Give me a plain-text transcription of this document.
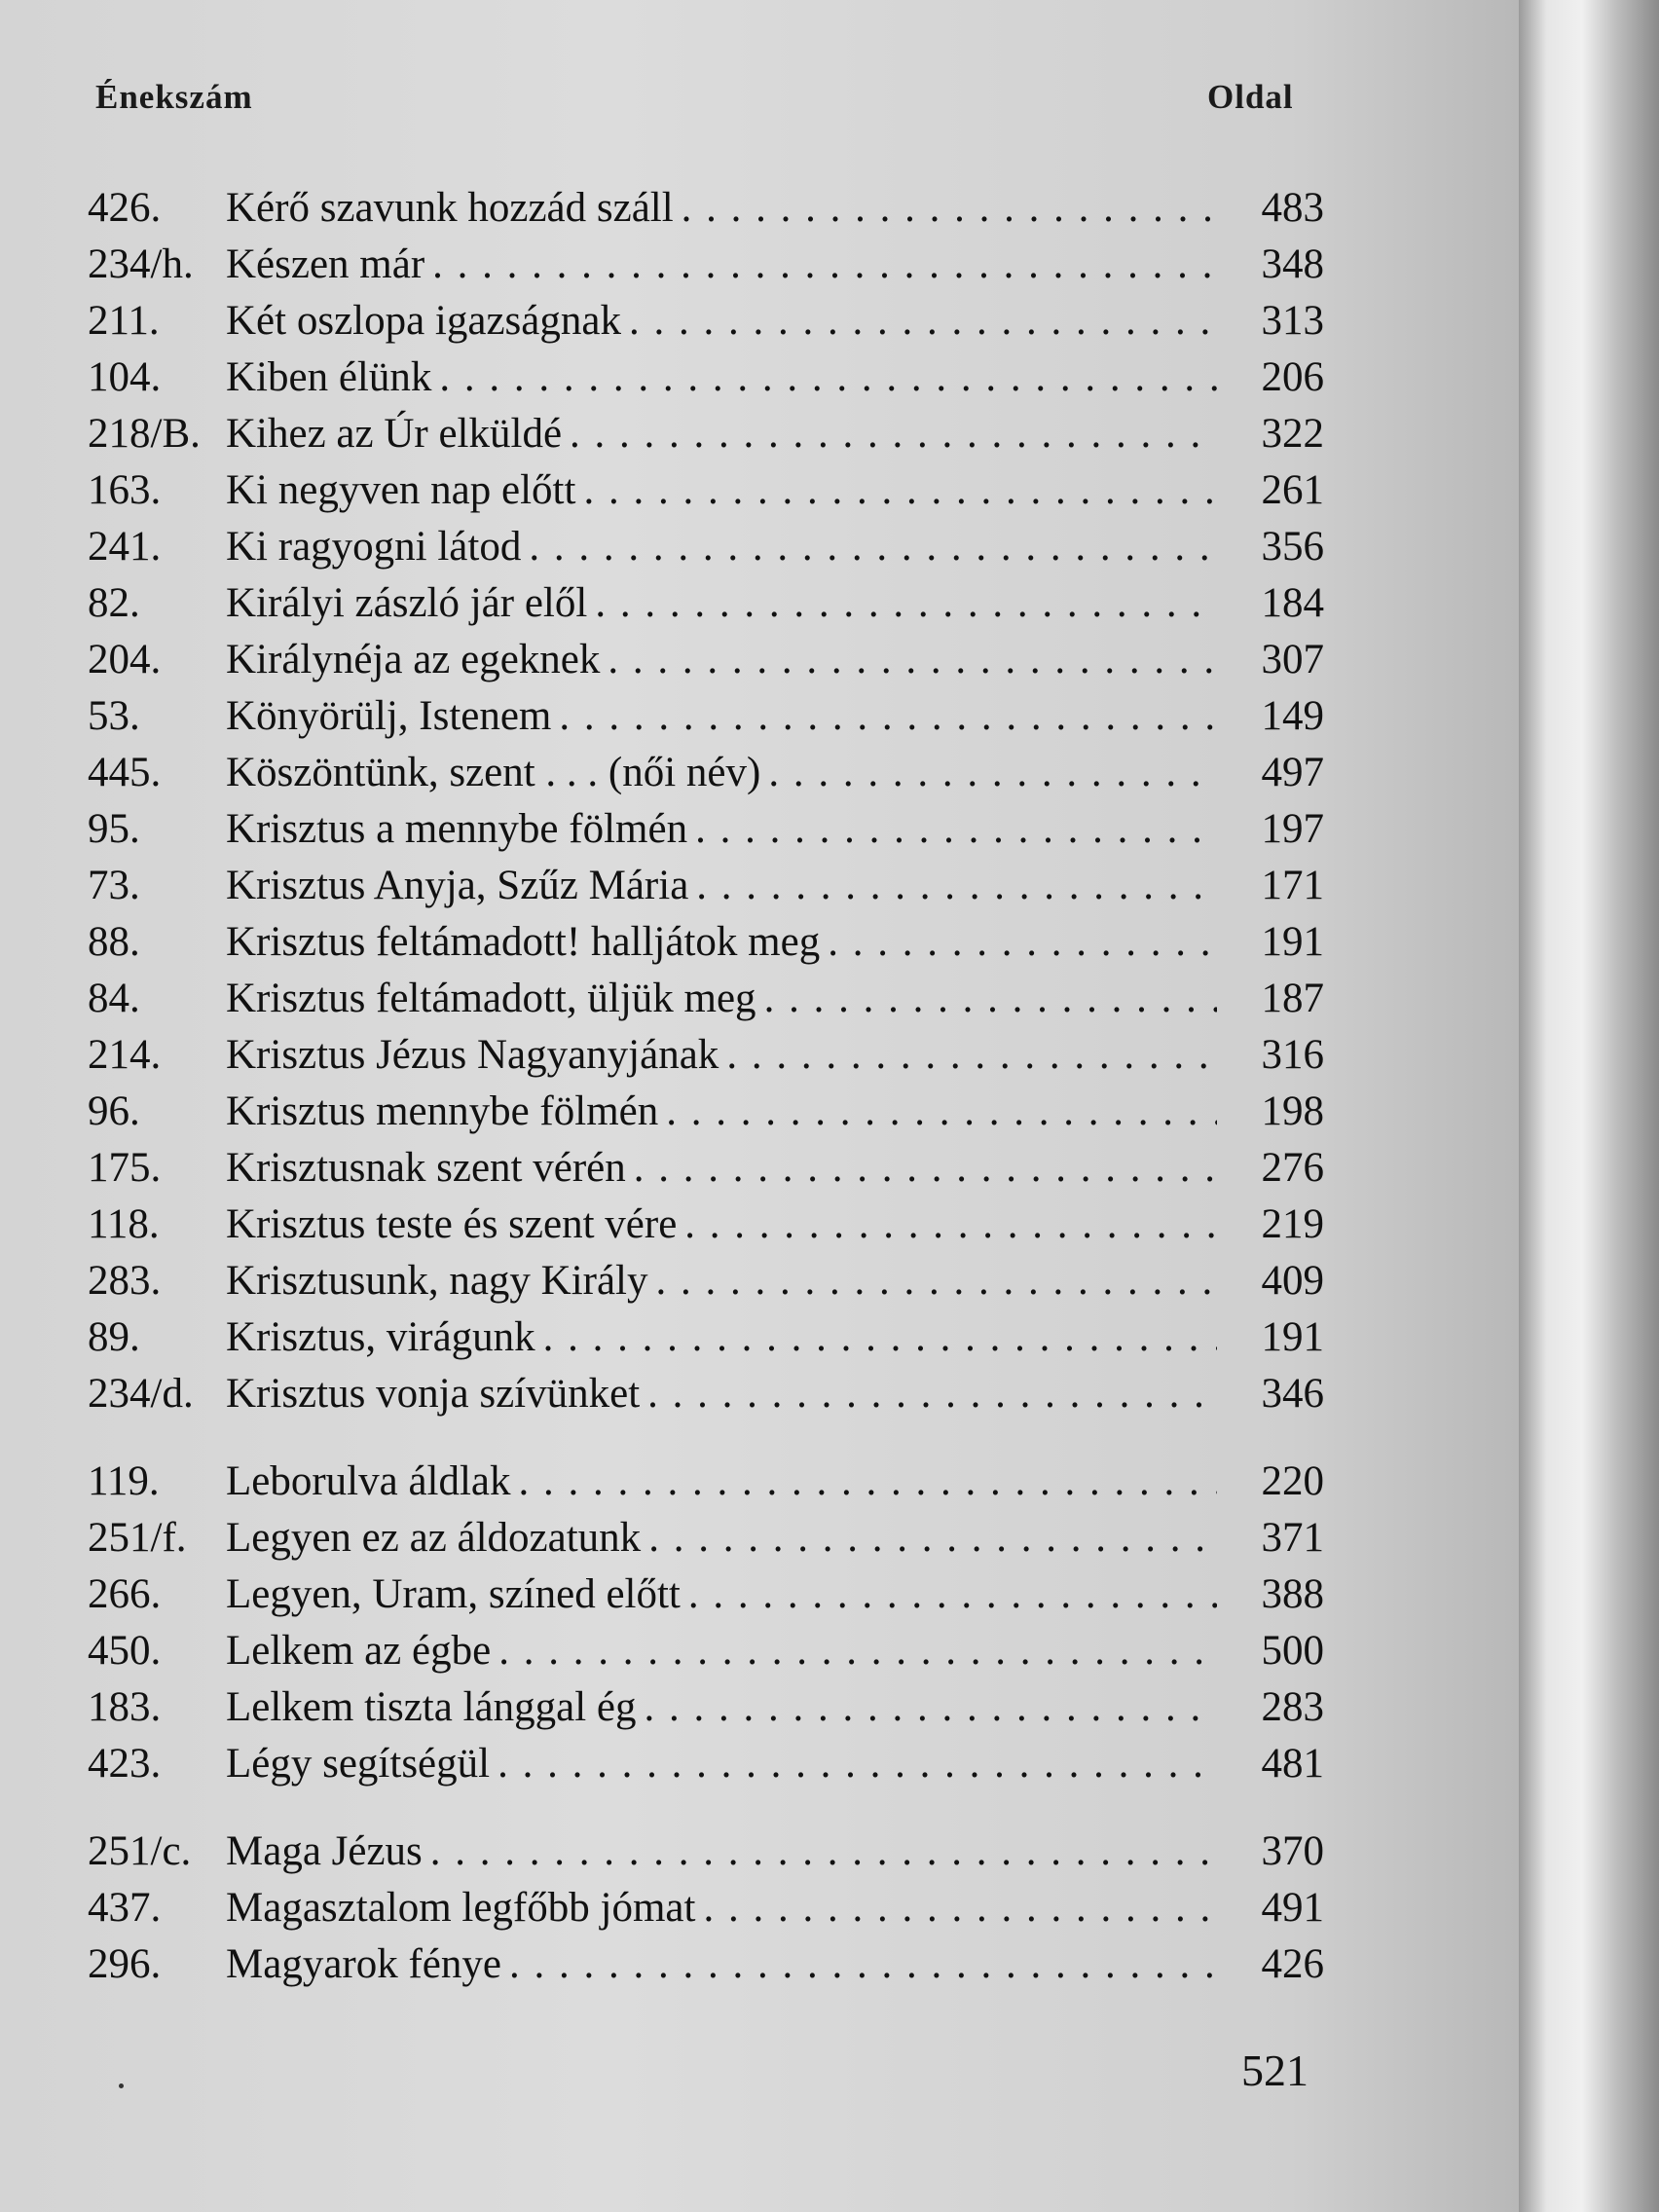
Énekszám	Oldal
426.	Kérő szavunk hozzád száll . . .	483
234/h. Készen már . . .	348
211.	Két oszlopa igazságnak . . .	313
104.	Kiben élünk . . .	206
218/B. Kihez az Úr elküldé . . .	322
163.	Ki negyven nap előtt . . .	261
241.	Ki ragyogni látod . . .	356
82.	Királyi zászló jár elől . . .	184
204.	Királynéja az egeknek . . .	307
53.	Könyörülj, Istenem . . .	149
445.	Köszöntünk, szent . . . (női név) . . .	497
95.	Krisztus a mennybe fölmén . . .	197
73.	Krisztus Anyja, Szűz Mária . . .	171
88.	Krisztus feltámadott! halljátok meg . . .	191
84.	Krisztus feltámadott, üljük meg . . .	187
214.	Krisztus Jézus Nagyanyjának . . .	316
96.	Krisztus mennybe fölmén . . .	198
175.	Krisztusnak szent vérén . . .	276
118.	Krisztus teste és szent vére . . .	219
283.	Krisztusunk, nagy Király . . .	409
89.	Krisztus, virágunk . . .	191
234/d. Krisztus vonja szívünket . . .	346
119.	Leborulva áldlak . . .	220
251/f. Legyen ez az áldozatunk . . .	371
266.	Legyen, Uram, színed előtt . . .	388
450.	Lelkem az égbe . . .	500
183.	Lelkem tiszta lánggal ég . . .	283
423.	Légy segítségül . . .	481
251/c. Maga Jézus . . .	370
437.	Magasztalom legfőbb jómat . . .	491
296.	Magyarok fénye . . .	426
521
